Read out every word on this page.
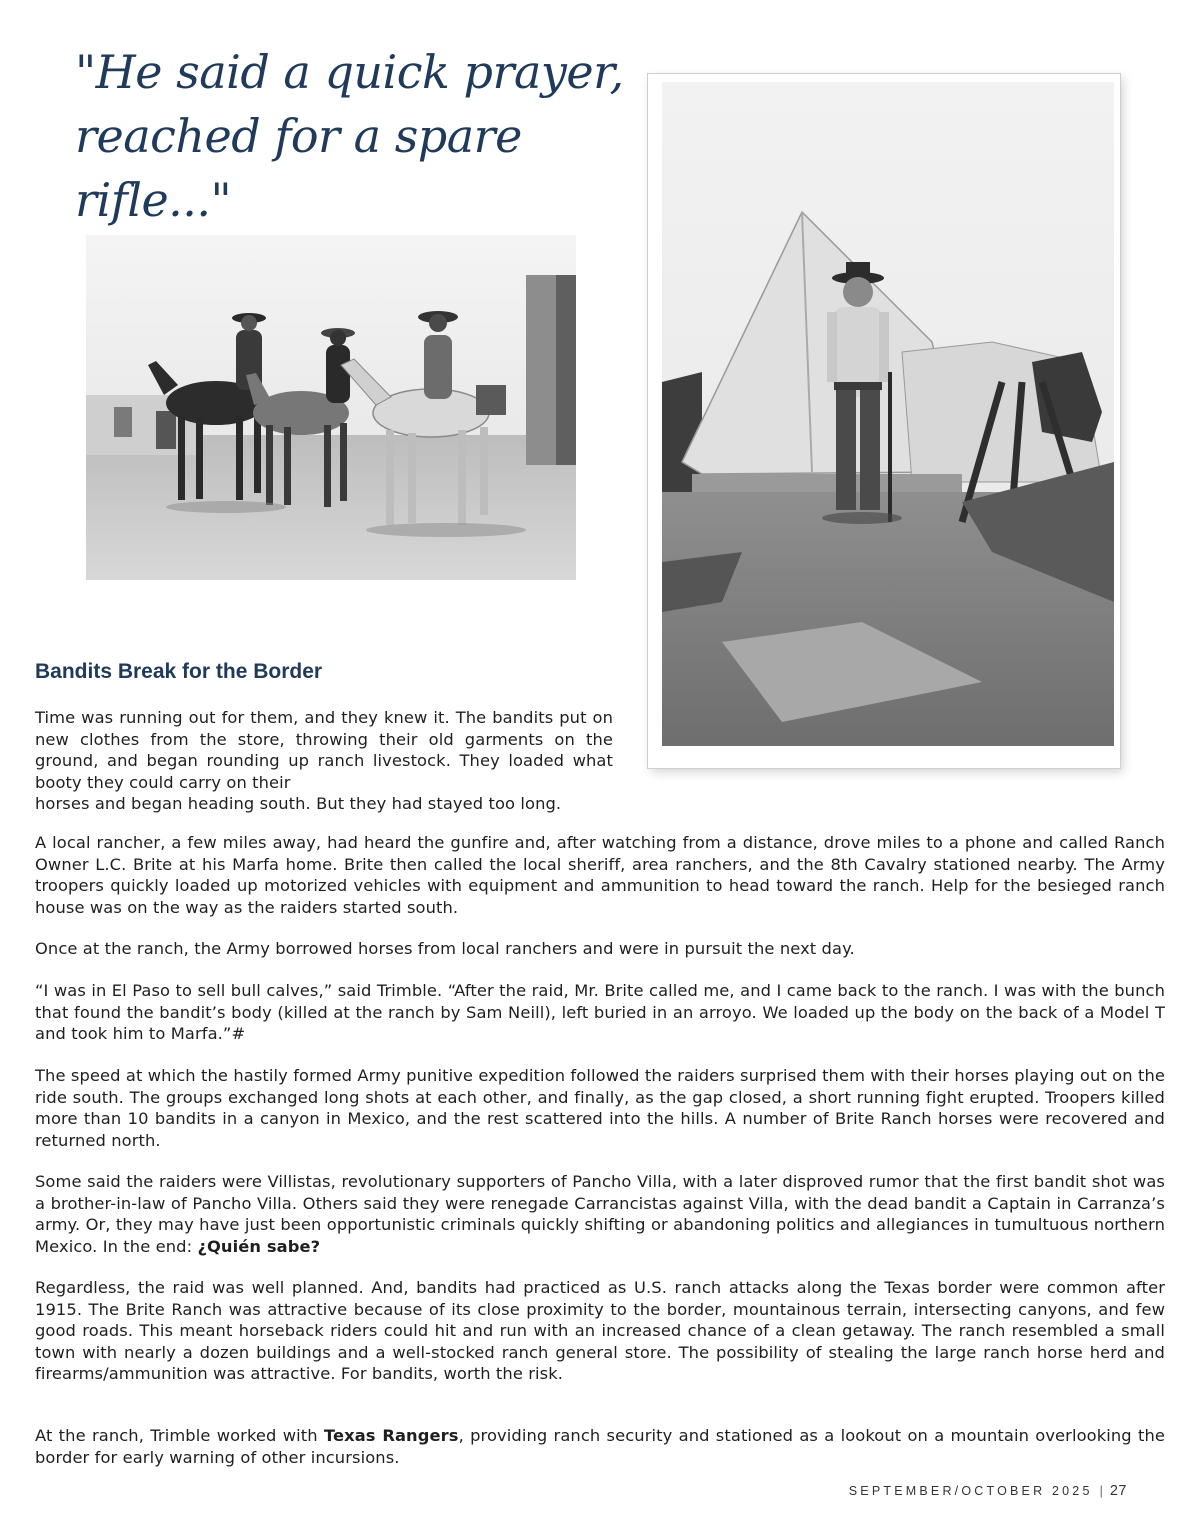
"He said a quick prayer, reached for a spare rifle..."
Bandits Break for the Border

Time was running out for them, and they knew it. The bandits put on new clothes from the store, throwing their old garments on the ground, and began rounding up ranch livestock. They loaded what booty they could carry on their
horses and began heading south. But they had stayed too long.

A local rancher, a few miles away, had heard the gunfire and, after watching from a distance, drove miles to a phone and called Ranch Owner L.C. Brite at his Marfa home. Brite then called the local sheriff, area ranchers, and the 8th Cavalry stationed nearby. The Army troopers quickly loaded up motorized vehicles with equipment and ammunition to head toward the ranch. Help for the besieged ranch house was on the way as the raiders started south.

Once at the ranch, the Army borrowed horses from local ranchers and were in pursuit the next day.

“I was in El Paso to sell bull calves,” said Trimble. “After the raid, Mr. Brite called me, and I came back to the ranch. I was with the bunch that found the bandit’s body (killed at the ranch by Sam Neill), left buried in an arroyo. We loaded up the body on the back of a Model T and took him to Marfa.”#

The speed at which the hastily formed Army punitive expedition followed the raiders surprised them with their horses playing out on the ride south. The groups exchanged long shots at each other, and finally, as the gap closed, a short running fight erupted. Troopers killed more than 10 bandits in a canyon in Mexico, and the rest scattered into the hills. A number of Brite Ranch horses were recovered and returned north.

Some said the raiders were Villistas, revolutionary supporters of Pancho Villa, with a later disproved rumor that the first bandit shot was a brother-in-law of Pancho Villa. Others said they were renegade Carrancistas against Villa, with the dead bandit a Captain in Carranza’s army. Or, they may have just been opportunistic criminals quickly shifting or abandoning politics and allegiances in tumultuous northern Mexico. In the end: ¿Quién sabe?

Regardless, the raid was well planned. And, bandits had practiced as U.S. ranch attacks along the Texas border were common after 1915. The Brite Ranch was attractive because of its close proximity to the border, mountainous terrain, intersecting canyons, and few good roads. This meant horseback riders could hit and run with an increased chance of a clean getaway. The ranch resembled a small town with nearly a dozen buildings and a well-stocked ranch general store. The possibility of stealing the large ranch horse herd and firearms/ammunition was attractive. For bandits, worth the risk.

At the ranch, Trimble worked with Texas Rangers, providing ranch security and stationed as a lookout on a mountain overlooking the border for early warning of other incursions.

SEPTEMBER/OCTOBER 2025 | 27
